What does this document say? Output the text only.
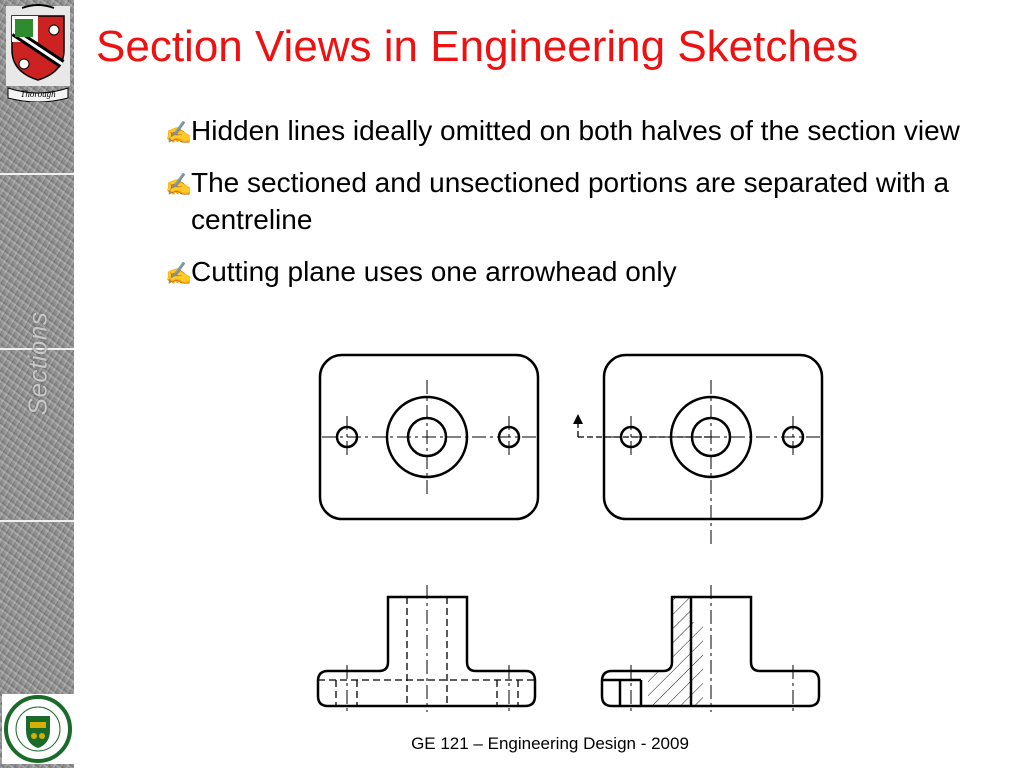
Thorough
Sections
Section Views in Engineering Sketches
✍
Hidden lines ideally omitted on both halves of the section view
✍
The sectioned and unsectioned portions are separated with a centreline
✍
Cutting plane uses one arrowhead only
GE 121 – Engineering Design - 2009
